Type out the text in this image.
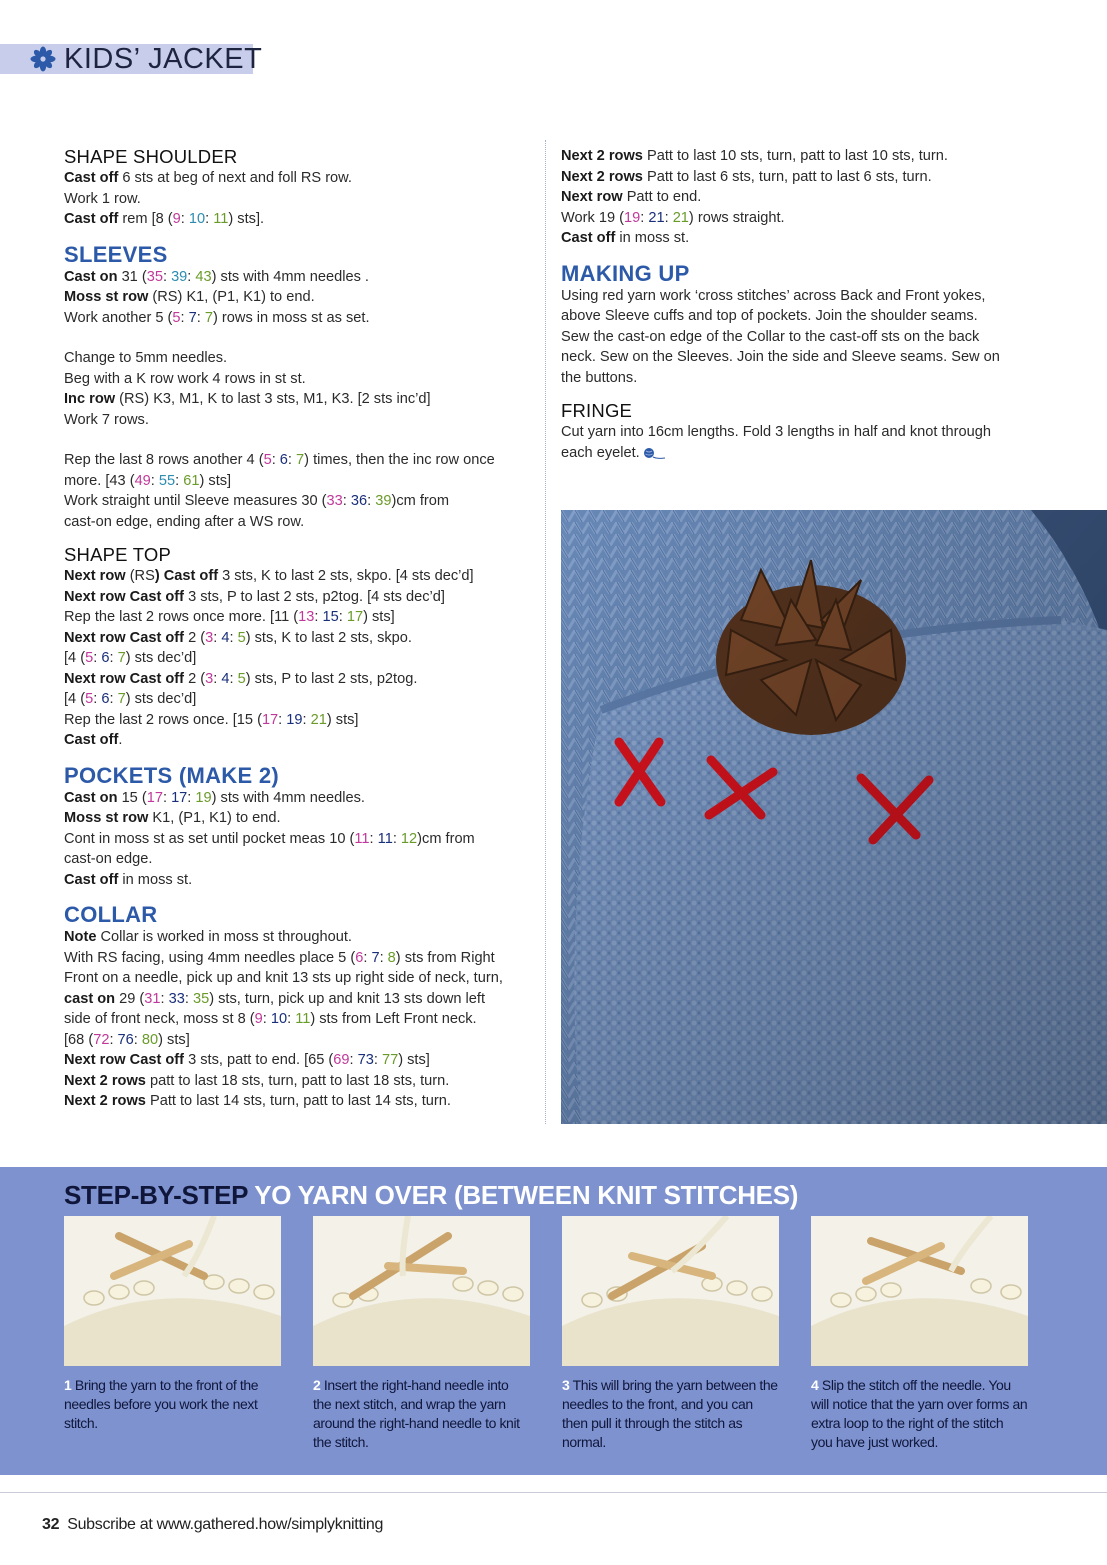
KIDS’ JACKET

SHAPE SHOULDER

Cast off 6 sts at beg of next and foll RS row.

Work 1 row.

Cast off rem [8 (9: 10: 11) sts].

SLEEVES

Cast on 31 (35: 39: 43) sts with 4mm needles .

Moss st row (RS) K1, (P1, K1) to end.

Work another 5 (5: 7: 7) rows in moss st as set.

Change to 5mm needles.

Beg with a K row work 4 rows in st st.

Inc row (RS) K3, M1, K to last 3 sts, M1, K3. [2 sts inc’d]

Work 7 rows.

Rep the last 8 rows another 4 (5: 6: 7) times, then the inc row once

more. [43 (49: 55: 61) sts]

Work straight until Sleeve measures 30 (33: 36: 39)cm from

cast-on edge, ending after a WS row.

SHAPE TOP

Next row (RS) Cast off 3 sts, K to last 2 sts, skpo. [4 sts dec’d]

Next row Cast off 3 sts, P to last 2 sts, p2tog. [4 sts dec’d]

Rep the last 2 rows once more. [11 (13: 15: 17) sts]

Next row Cast off 2 (3: 4: 5) sts, K to last 2 sts, skpo.

[4 (5: 6: 7) sts dec’d]

Next row Cast off 2 (3: 4: 5) sts, P to last 2 sts, p2tog.

[4 (5: 6: 7) sts dec’d]

Rep the last 2 rows once. [15 (17: 19: 21) sts]

Cast off.

POCKETS (MAKE 2)

Cast on 15 (17: 17: 19) sts with 4mm needles.

Moss st row K1, (P1, K1) to end.

Cont in moss st as set until pocket meas 10 (11: 11: 12)cm from

cast-on edge.

Cast off in moss st.

COLLAR

Note Collar is worked in moss st throughout.

With RS facing, using 4mm needles place 5 (6: 7: 8) sts from Right

Front on a needle, pick up and knit 13 sts up right side of neck, turn,

cast on 29 (31: 33: 35) sts, turn, pick up and knit 13 sts down left

side of front neck, moss st 8 (9: 10: 11) sts from Left Front neck.

[68 (72: 76: 80) sts]

Next row Cast off 3 sts, patt to end. [65 (69: 73: 77) sts]

Next 2 rows patt to last 18 sts, turn, patt to last 18 sts, turn.

Next 2 rows Patt to last 14 sts, turn, patt to last 14 sts, turn.

Next 2 rows Patt to last 10 sts, turn, patt to last 10 sts, turn.

Next 2 rows Patt to last 6 sts, turn, patt to last 6 sts, turn.

Next row Patt to end.

Work 19 (19: 21: 21) rows straight.

Cast off in moss st.

MAKING UP

Using red yarn work ‘cross stitches’ across Back and Front yokes,

above Sleeve cuffs and top of pockets. Join the shoulder seams.

Sew the cast-on edge of the Collar to the cast-off sts on the back

neck. Sew on the Sleeves. Join the side and Sleeve seams. Sew on

the buttons.

FRINGE

Cut yarn into 16cm lengths. Fold 3 lengths in half and knot through

each eyelet.

STEP-BY-STEP YO YARN OVER (BETWEEN KNIT STITCHES)
1 Bring the yarn to the front of the needles before you work the next stitch.
2 Insert the right-hand needle into the next stitch, and wrap the yarn around the right-hand needle to knit the stitch.
3 This will bring the yarn between the needles to the front, and you can then pull it through the stitch as normal.
4 Slip the stitch off the needle. You will notice that the yarn over forms an extra loop to the right of the stitch you have just worked.
32 Subscribe at www.gathered.how/simplyknitting
